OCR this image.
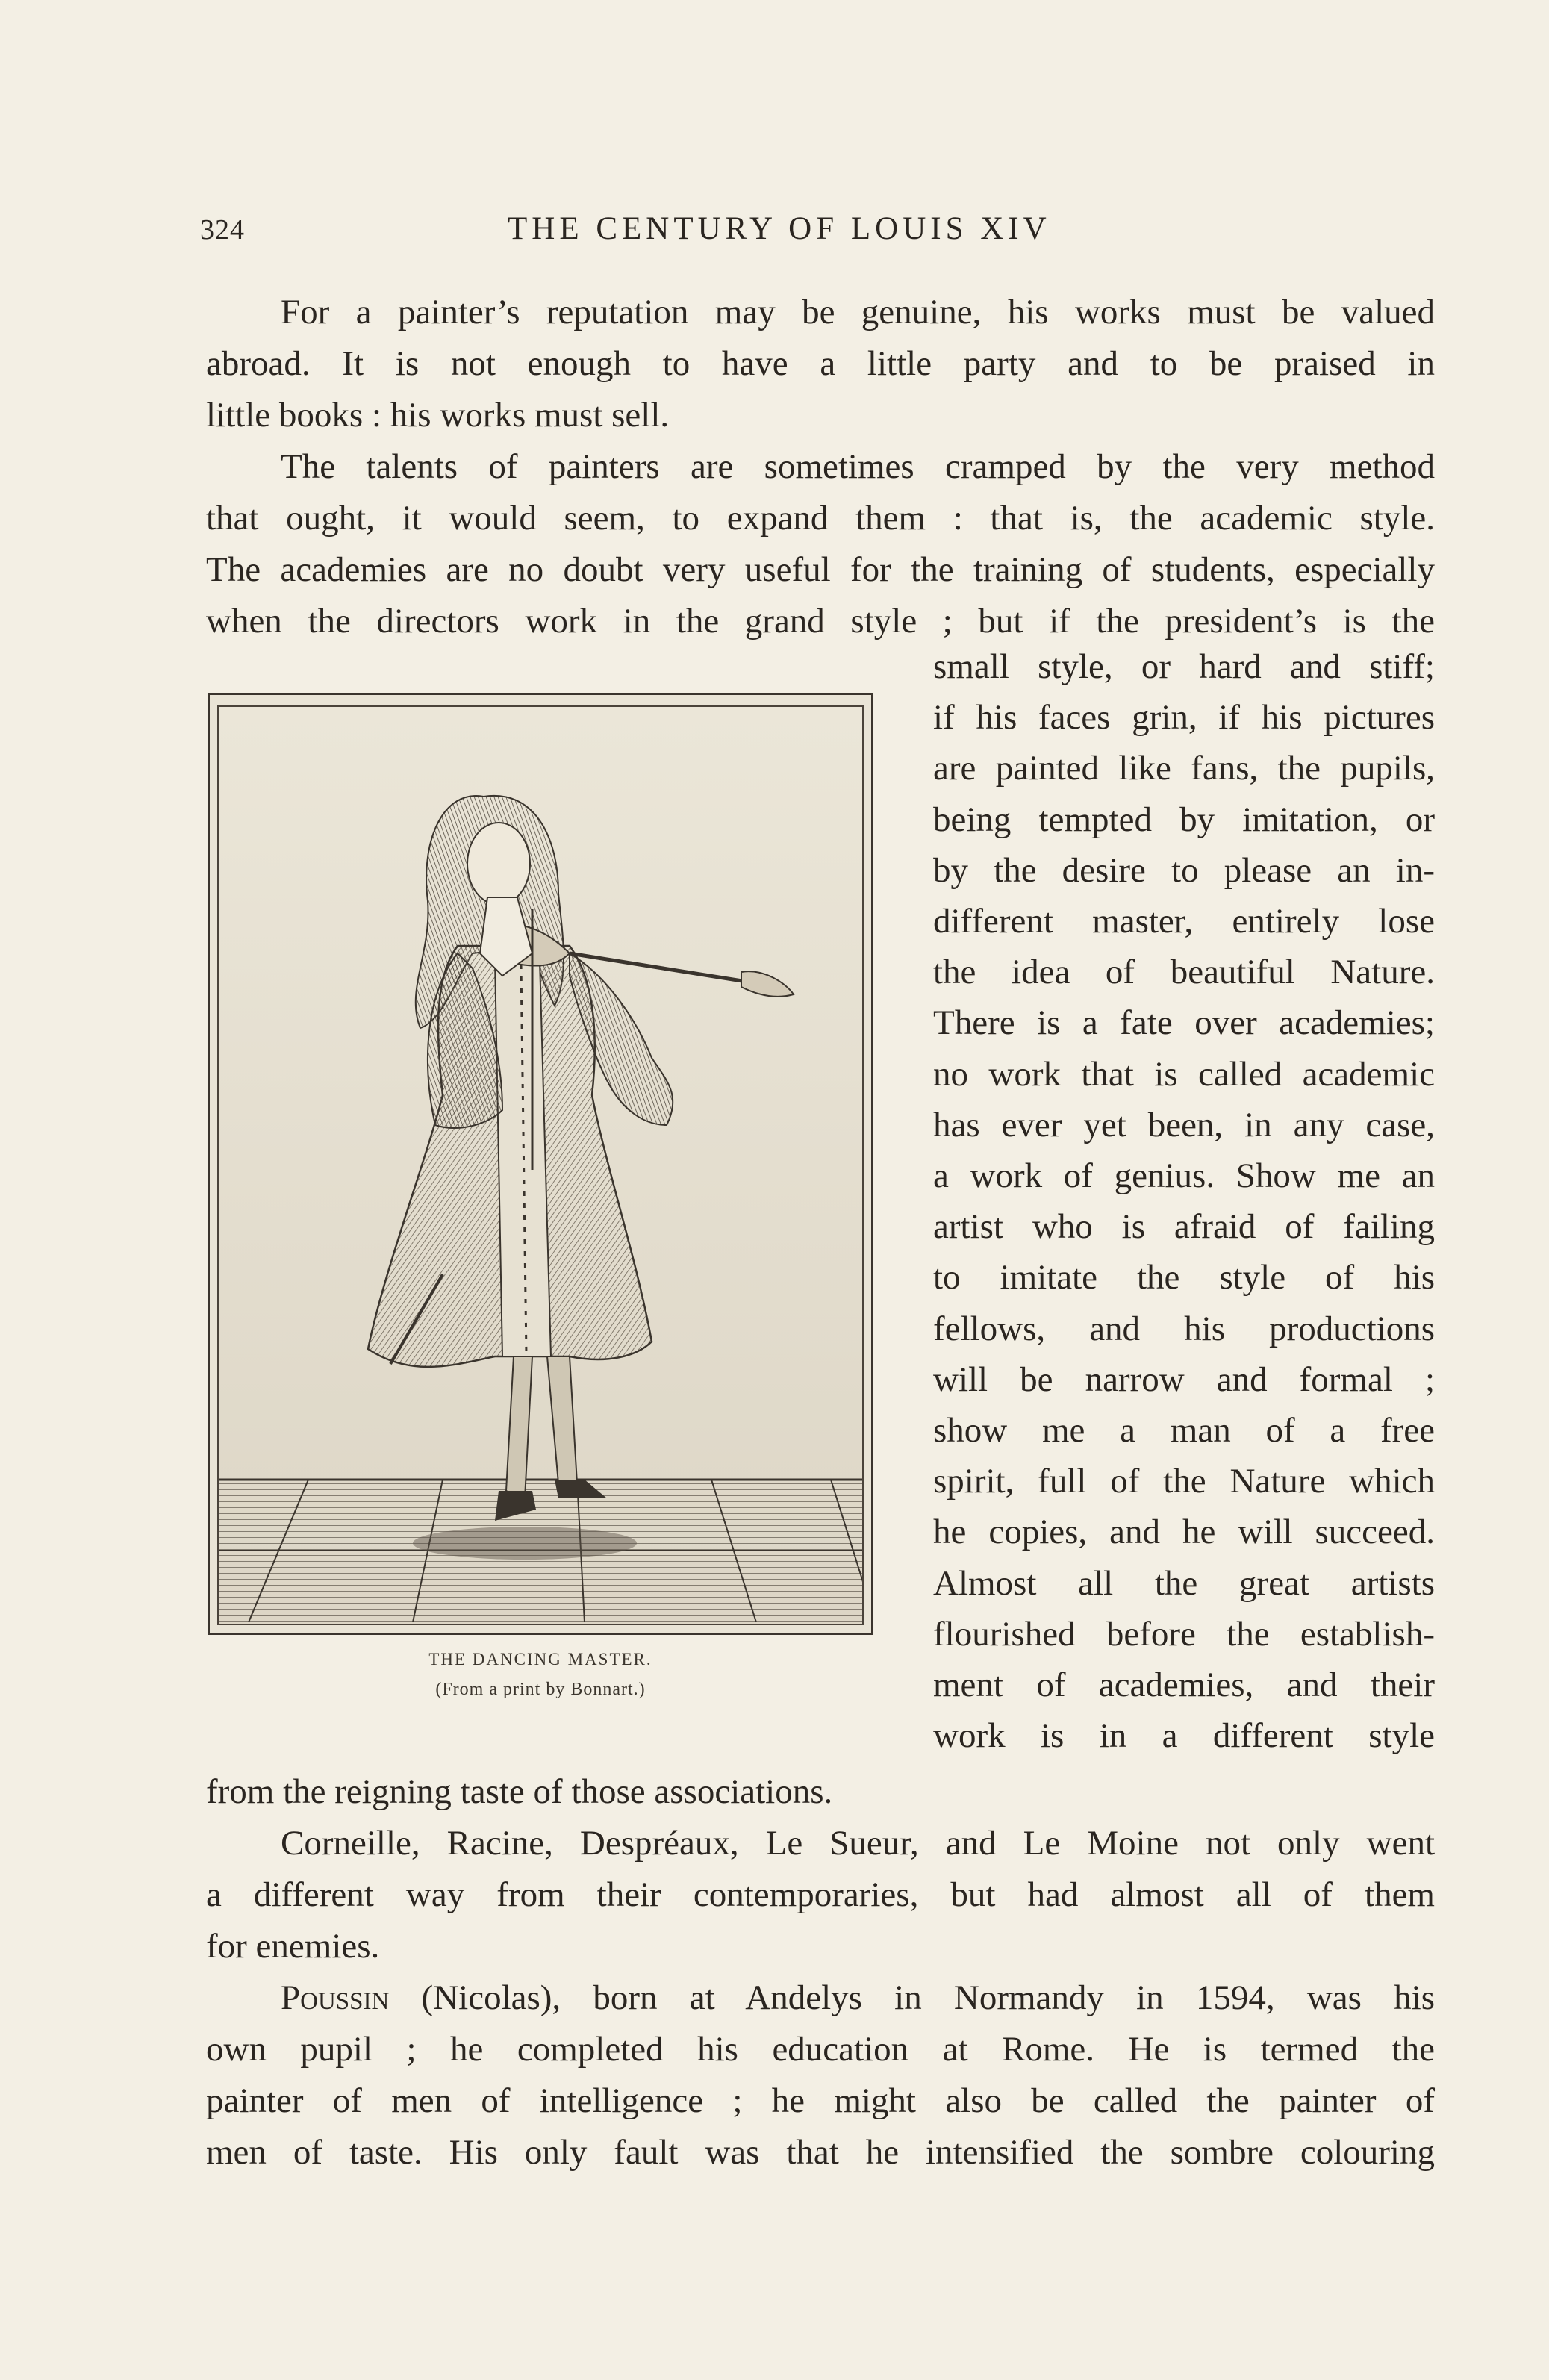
324	THE CENTURY OF LOUIS XIV

For a painter’s reputation may be genuine, his works must be valued
abroad. It is not enough to have a little party and to be praised in
little books : his works must sell.

The talents of painters are sometimes cramped by the very method
that ought, it would seem, to expand them : that is, the academic style.
The academies are no doubt very useful for the training of students, especially
when the directors work in the grand style ; but if the president’s is the

THE DANCING MASTER.
(From a print by Bonnart.)
small style, or hard and stiff;
if his faces grin, if his pictures
are painted like fans, the pupils,
being tempted by imitation, or
by the desire to please an in-
different master, entirely lose
the idea of beautiful Nature.
There is a fate over academies;
no work that is called academic
has ever yet been, in any case,
a work of genius. Show me an
artist who is afraid of failing
to imitate the style of his
fellows, and his productions
will be narrow and formal ;
show me a man of a free
spirit, full of the Nature which
he copies, and he will succeed.
Almost all the great artists
flourished before the establish-
ment of academies, and their
work is in a different style

from the reigning taste of those associations.

Corneille, Racine, Despréaux, Le Sueur, and Le Moine not only went
a different way from their contemporaries, but had almost all of them
for enemies.

Poussin (Nicolas), born at Andelys in Normandy in 1594, was his
own pupil ; he completed his education at Rome. He is termed the
painter of men of intelligence ; he might also be called the painter of
men of taste. His only fault was that he intensified the sombre colouring
